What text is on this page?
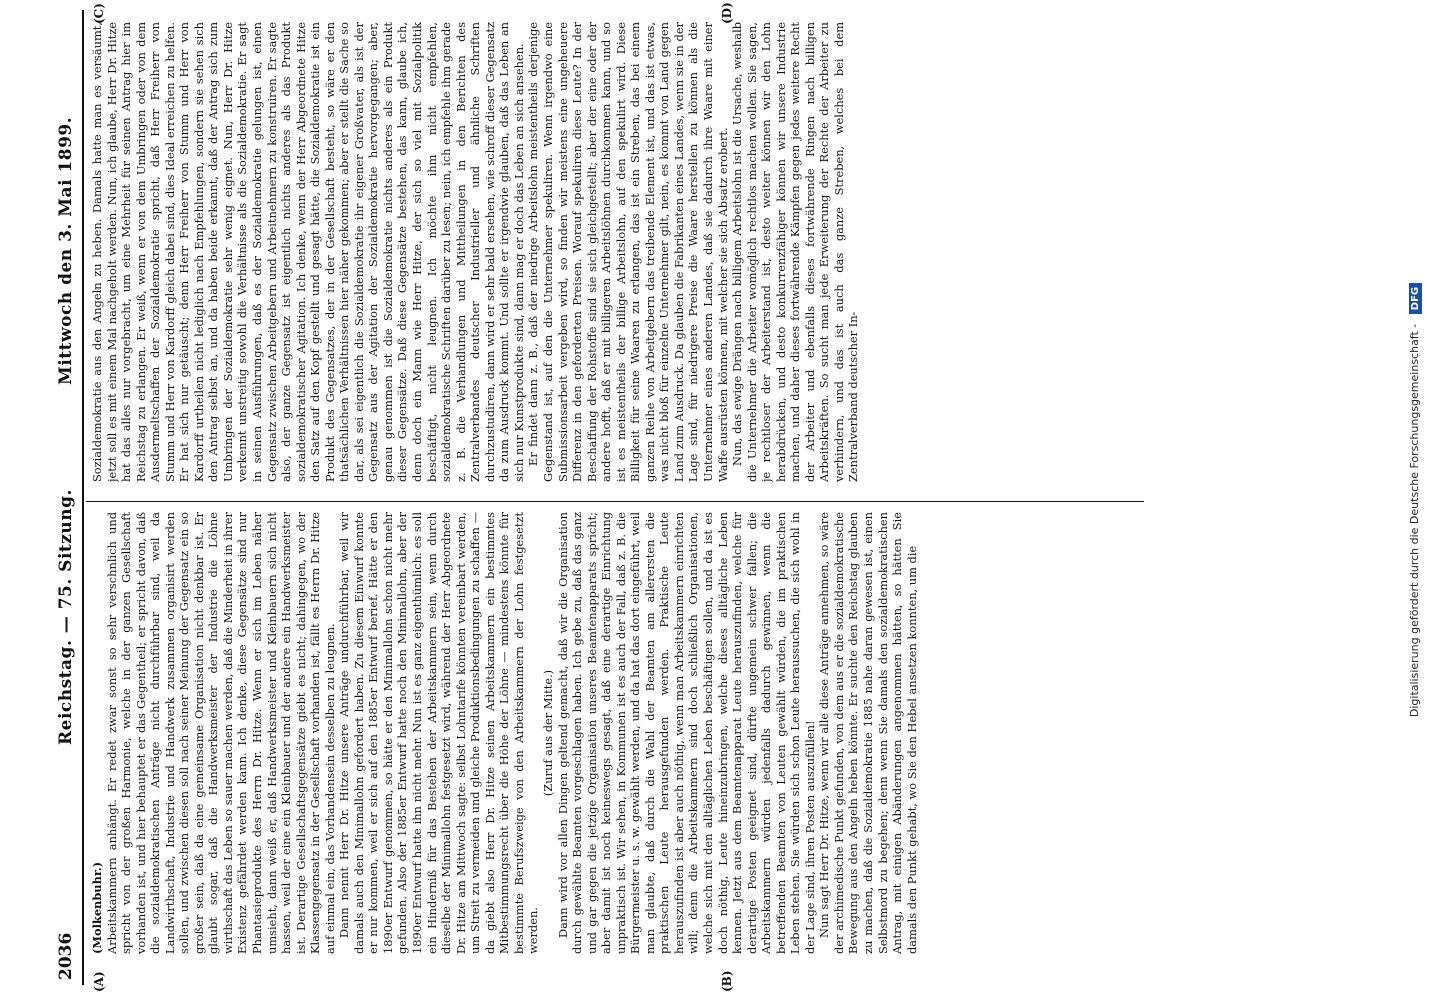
2036
Reichstag. — 75. Sitzung.
Mittwoch den 3. Mai 1899.
(A)	(B)
(C)	(D)

(Molkenbuhr.) Arbeitskammern anhängt. Er redet zwar sonst so sehr verschnlich und spricht von der großen Harmonie, welche in der ganzen Gesellschaft vorhanden ist, und hier behauptet er das Gegentheil; er spricht davon, daß die sozialdemokratischen Anträge nicht durchführbar sind, weil da Landwirthschaft, Industrie und Handwerk zusammen organisirt werden sollen, und zwischen diesen soll nach seiner Meinung der Gegensatz ein so großer sein, daß da eine gemeinsame Organisation nicht denkbar ist. Er glaubt sogar, daß die Handwerksmeister der Industrie die Löhne wirthschaft das Leben so sauer machen werden, daß die Minderheit in ihrer Existenz gefährdet werden kann. Ich denke, diese Gegensätze sind nur Phantasieprodukte des Herrn Dr. Hitze. Wenn er sich im Leben näher umsieht, dann weiß er, daß Handwerksmeister und Kleinbauern sich nicht hassen, weil der eine ein Kleinbauer und der andere ein Handwerksmeister ist. Derartige Gesellschaftsgegensätze giebt es nicht; dahingegen, wo der Klassengegensatz in der Gesellschaft vorhanden ist, fällt es Herrn Dr. Hitze auf einmal ein, das Vorhandensein desselben zu leugnen. Dann nennt Herr Dr. Hitze unsere Anträge undurchführbar, weil wir damals auch den Minimallohn gefordert haben. Zu diesem Einwurf konnte er nur kommen, weil er sich auf den 1885er Entwurf berief. Hätte er den 1890er Entwurf genommen, so hätte er den Minimallohn schon nicht mehr gefunden. Also der 1885er Entwurf hatte noch den Minimallohn, aber der 1890er Entwurf hatte ihn nicht mehr. Nun ist es ganz eigenthümlich: es soll ein Hinderniß für das Bestehen der Arbeitskammern sein, wenn durch dieselbe der Minimallohn festgesetzt wird, während der Herr Abgeordnete Dr. Hitze am Mittwoch sagte: selbst Lohntarife könnten vereinbart werden, um Streit zu vermeiden und gleiche Produktionsbedingungen zu schaffen — da giebt also Herr Dr. Hitze seinen Arbeitskammern ein bestimmtes Mitbestimmungsrecht über die Höhe der Löhne — mindestens könnte für bestimmte Berufszweige von den Arbeitskammern der Lohn festgesetzt werden.

(Zuruf aus der Mitte.) Dann wird vor allen Dingen geltend gemacht, daß wir die Organisation durch gewählte Beamten vorgeschlagen haben. Ich gebe zu, daß das ganz und gar gegen die jetzige Organisation unseres Beamtenapparats spricht; aber damit ist noch keineswegs gesagt, daß eine derartige Einrichtung unpraktisch ist. Wir sehen, in Kommunen ist es auch der Fall, daß z. B. die Bürgermeister u. s. w. gewählt werden, und da hat das dort eingeführt, weil man glaubte, daß durch die Wahl der Beamten am allerersten die praktischen Leute herausgefunden werden. Praktische Leute herauszufinden ist aber auch nöthig, wenn man Arbeitskammern einrichten will; denn die Arbeitskammern sind doch schließlich Organisationen, welche sich mit den alltäglichen Leben beschäftigen sollen, und da ist es doch nöthig, Leute hineinzubringen, welche dieses alltägliche Leben kennen. Jetzt aus dem Beamtenapparat Leute herauszufinden, welche für derartige Posten geeignet sind, dürfte ungemein schwer fallen; die Arbeitskammern würden jedenfalls dadurch gewinnen, wenn die betreffenden Beamten von Leuten gewählt würden, die im praktischen Leben stehen. Sie würden sich schon Leute heraussuchen, die sich wohl in der Lage sind, ihren Posten auszufüllen! Nun sagt Herr Dr. Hitze, wenn wir alle diese Anträge annehmen, so wäre der archimedische Punkt gefunden, von dem aus er die sozialdemokratische Bewegung aus den Angeln heben könnte. Er suchte den Reichstag glauben zu machen, daß die Sozialdemokratie 1885 nahe daran gewesen ist, einen Selbstmord zu begehen; denn wenn Sie damals den sozialdemokratischen Antrag, mit einigen Abänderungen angenommen hätten, so hätten Sie damals den Punkt gehabt, wo Sie den Hebel ansetzen konnten, um die

Sozialdemokratie aus den Angeln zu heben. Damals hatte man es versäumt, jetzt soll es mit einem Mal nachgeholt werden. Nun, ich glaube, Herr Dr. Hitze hat das alles nur vorgebracht, um eine Mehrheit für seinen Antrag hier im Reichstag zu erlangen. Er weiß, wenn er von dem Umbringen oder von dem Ausdermeltschaffen der Sozialdemokratie spricht, daß Herr Freiherr von Stumm und Herr von Kardorff gleich dabei sind, dies Ideal erreichen zu helfen. Er hat sich nur getäuscht; denn Herr Freiherr von Stumm und Herr von Kardorff urtheilen nicht lediglich nach Empfehlungen, sondern sie sehen sich den Antrag selbst an, und da haben beide erkannt, daß der Antrag sich zum Umbringen der Sozialdemokratie sehr wenig eignet. Nun, Herr Dr. Hitze verkennt unstreitig sowohl die Verhältnisse als die Sozialdemokratie. Er sagt in seinen Ausführungen, daß es der Sozialdemokratie gelungen ist, einen Gegensatz zwischen Arbeitgebern und Arbeitnehmern zu konstruiren. Er sagte also, der ganze Gegensatz ist eigentlich nichts anderes als das Produkt sozialdemokratischer Agitation. Ich denke, wenn der Herr Abgeordnete Hitze den Satz auf den Kopf gestellt und gesagt hätte, die Sozialdemokratie ist ein Produkt des Gegensatzes, der in der Gesellschaft besteht, so wäre er den thatsächlichen Verhältnissen hier näher gekommen; aber er stellt die Sache so dar, als sei eigentlich die Sozialdemokratie ihr eigener Großvater, als ist der Gegensatz aus der Agitation der Sozialdemokratie hervorgegangen; aber, genau genommen ist die Sozialdemokratie nichts anderes als ein Produkt dieser Gegensätze. Daß diese Gegensätze bestehen, das kann, glaube ich, denn doch ein Mann wie Herr Hitze, der sich so viel mit Sozialpolitik beschäftigt, nicht leugnen. Ich möchte ihm nicht empfehlen, sozialdemokratische Schriften darüber zu lesen; nein, ich empfehle ihm gerade z. B. die Verhandlungen und Mittheilungen in den Berichten des Zentralverbandes deutscher Industrieller und ähnliche Schriften durchzustudiren, dann wird er sehr bald ersehen, wie schroff dieser Gegensatz da zum Ausdruck kommt. Und sollte er irgendwie glauben, daß das Leben an sich nur Kunstprodukte sind, dann mag er doch das Leben an sich ansehen. Er findet dann z. B., daß der niedrige Arbeitslohn meistentheils derjenige Gegenstand ist, auf den die Unternehmer spekuliren. Wenn irgendwo eine Submissionsarbeit vergeben wird, so finden wir meistens eine ungeheuere Differenz in den geforderten Preisen. Worauf spekuliren diese Leute? In der Beschaffung der Rohstoffe sind sie sich gleichgestellt; aber der eine oder der andere hofft, daß er mit billigeren Arbeitslöhnen durchkommen kann, und so ist es meistentheils der billige Arbeitslohn, auf den spekulirt wird. Diese Billigkeit für seine Waaren zu erlangen, das ist ein Streben, das bei einem ganzen Reihe von Arbeitgebern das treibende Element ist, und das ist etwas, was nicht bloß für einzelne Unternehmer gilt, nein, es kommt von Land gegen Land zum Ausdruck. Da glauben die Fabrikanten eines Landes, wenn sie in der Lage sind, für niedrigere Preise die Waare herstellen zu können als die Unternehmer eines anderen Landes, daß sie dadurch ihre Waare mit einer Waffe ausrüsten können, mit welcher sie sich Absatz erobert. Nun, das ewige Drängen nach billigem Arbeitslohn ist die Ursache, weshalb die Unternehmer die Arbeiter womöglich rechtlos machen wollen. Sie sagen, je rechtloser der Arbeiterstand ist, desto weiter können wir den Lohn herabdrücken, und desto konkurrenzfähiger können wir unsere Industrie machen, und daher dieses fortwährende Kämpfen gegen jedes weitere Recht der Arbeiter und ebenfalls dieses fortwährende Ringen nach billigen Arbeitskräften. So sucht man jede Erweiterung der Rechte der Arbeiter zu verhindern, und das ist auch das ganze Streben, welches bei dem Zentralverband deutscher In-	Digitalisierung gefördert durch die Deutsche Forschungsgemeinschaft - DFG
